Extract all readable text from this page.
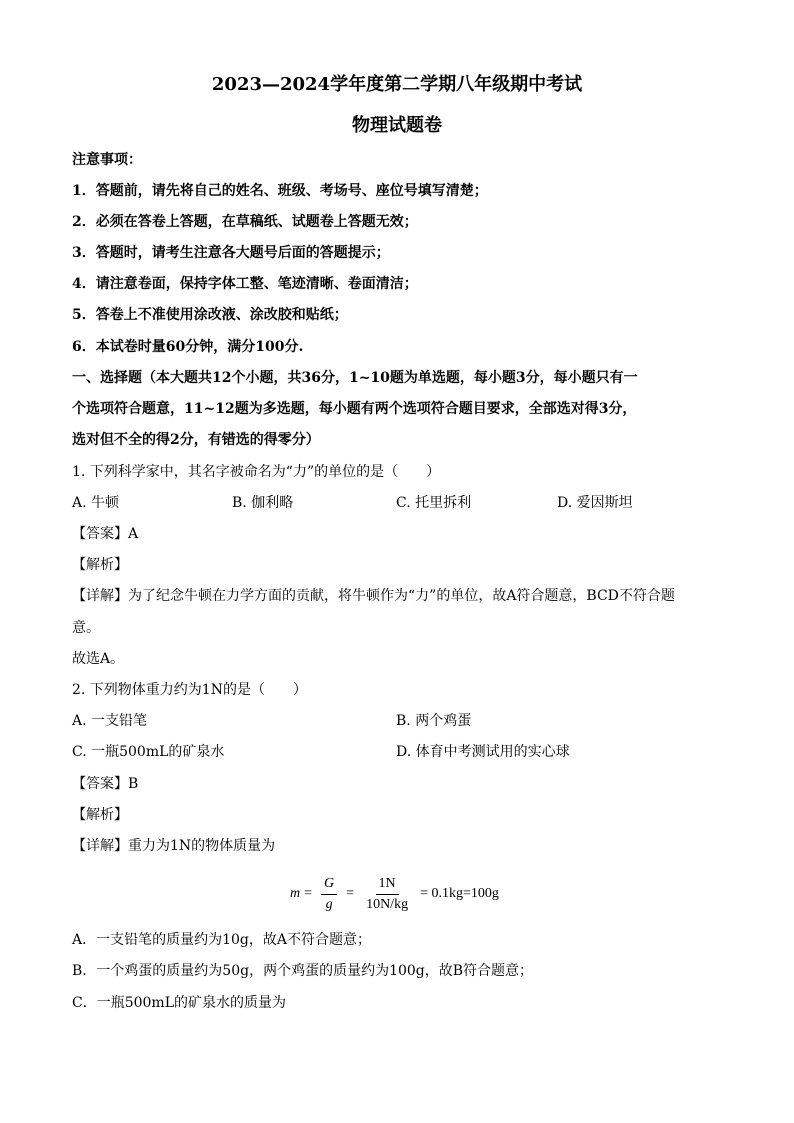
2023—2024学年度第二学期八年级期中考试
物理试题卷
注意事项：
1．答题前，请先将自己的姓名、班级、考场号、座位号填写清楚；
2．必须在答卷上答题，在草稿纸、试题卷上答题无效；
3．答题时，请考生注意各大题号后面的答题提示；
4．请注意卷面，保持字体工整、笔迹清晰、卷面清洁；
5．答卷上不准使用涂改液、涂改胶和贴纸；
6．本试卷时量60分钟，满分100分.
一、选择题（本大题共12个小题，共36分，1~10题为单选题，每小题3分，每小题只有一
个选项符合题意，11~12题为多选题，每小题有两个选项符合题目要求，全部选对得3分，
选对但不全的得2分，有错选的得零分）
1. 下列科学家中，其名字被命名为“力”的单位的是（　　）
A. 牛顿	B. 伽利略	C. 托里拆利	D. 爱因斯坦
【答案】A
【解析】
【详解】为了纪念牛顿在力学方面的贡献，将牛顿作为“力”的单位，故A符合题意，BCD不符合题
意。
故选A。
2. 下列物体重力约为1N的是（　　）
A. 一支铅笔	B. 两个鸡蛋
C. 一瓶500mL的矿泉水	D. 体育中考测试用的实心球
【答案】B
【解析】
【详解】重力为1N的物体质量为
$m = \frac{G}{g} = \frac{1N}{10N/kg} = 0.1kg=100g$
A．一支铅笔的质量约为10g，故A不符合题意；
B．一个鸡蛋的质量约为50g，两个鸡蛋的质量约为100g，故B符合题意；
C．一瓶500mL的矿泉水的质量为
